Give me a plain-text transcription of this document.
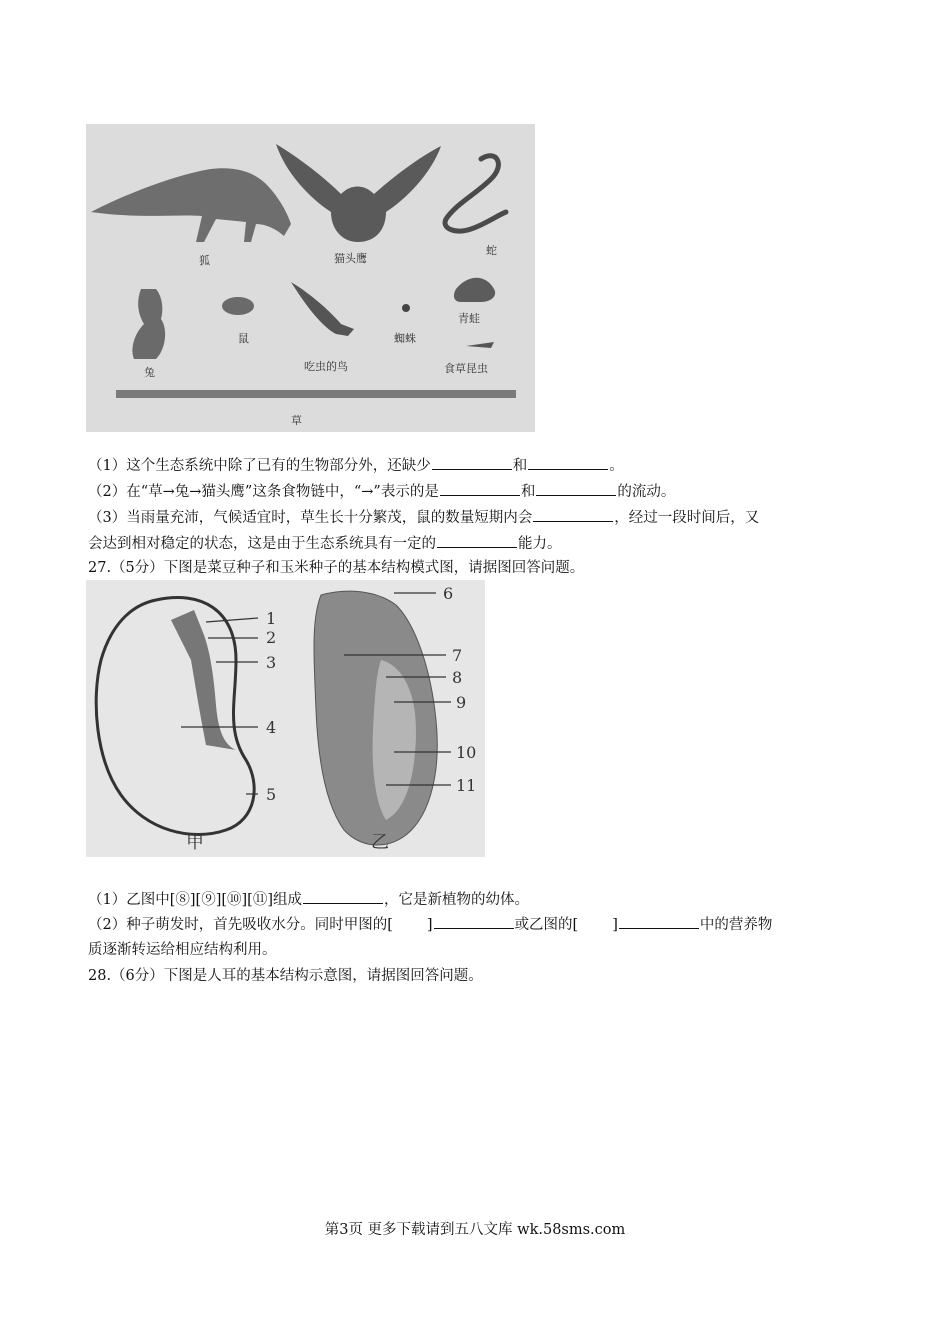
狐	猫头鹰
蛇
兔
鼠
吃虫的鸟
蜘蛛
青蛙
食草昆虫
草
（1）这个生态系统中除了已有的生物部分外，还缺少	和	。
（2）在“草→兔→猫头鹰”这条食物链中，“→”表示的是	和	的流动。
（3）当雨量充沛，气候适宜时，草生长十分繁茂，鼠的数量短期内会	，经过一段时间后，又
会达到相对稳定的状态，这是由于生态系统具有一定的	能力。
27.（5分）下图是菜豆种子和玉米种子的基本结构模式图，请据图回答问题。
1
2
3
4
5
6
7
8
9
10
11
甲	乙
（1）乙图中[⑧][⑨][⑩][⑪]组成	，它是新植物的幼体。
（2）种子萌发时，首先吸收水分。同时甲图的[ ]	或乙图的[ ]	中的营养物
质逐渐转运给相应结构利用。
28.（6分）下图是人耳的基本结构示意图，请据图回答问题。
第3页 更多下载请到五八文库 wk.58sms.com
